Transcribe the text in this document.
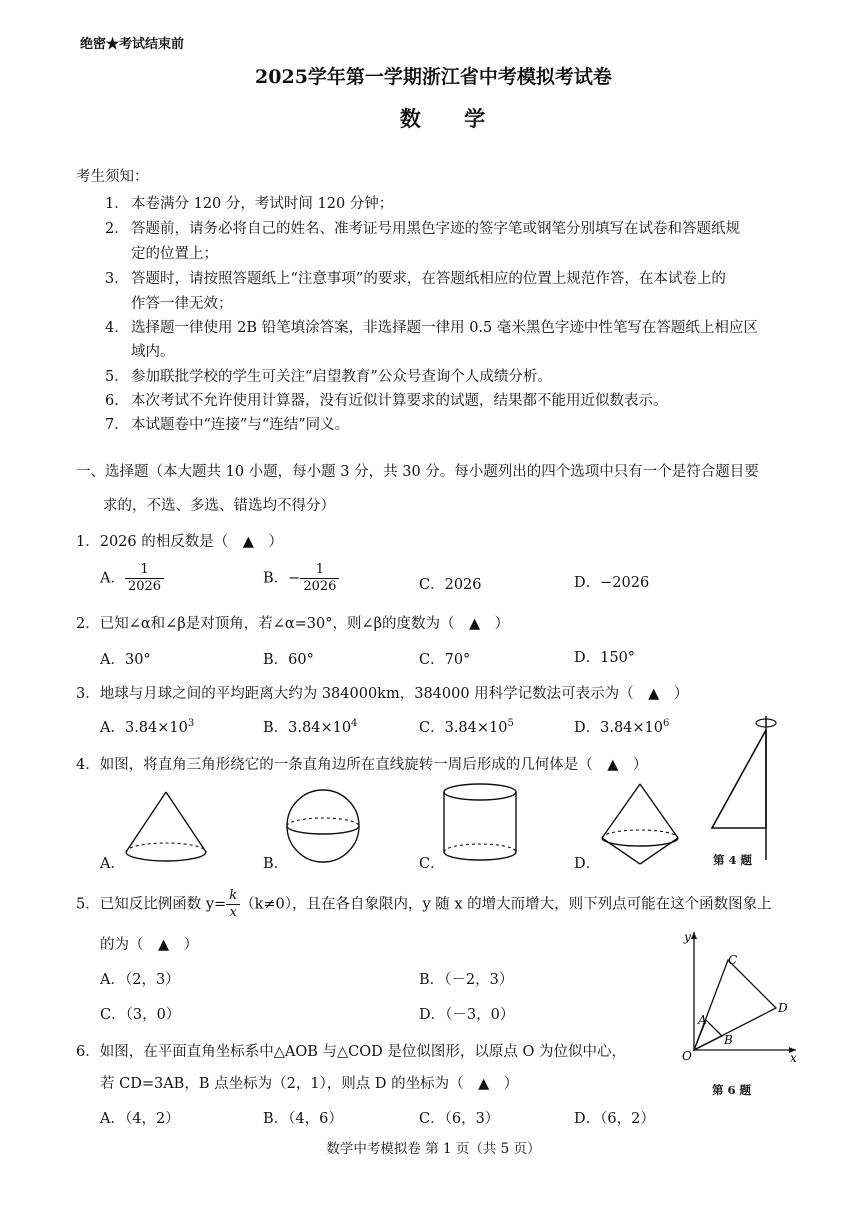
绝密★考试结束前
2025学年第一学期浙江省中考模拟考试卷
数 学
考生须知：
1． 本卷满分 120 分，考试时间 120 分钟；
2． 答题前，请务必将自己的姓名、准考证号用黑色字迹的签字笔或钢笔分别填写在试卷和答题纸规
定的位置上；
3． 答题时，请按照答题纸上“注意事项”的要求，在答题纸相应的位置上规范作答，在本试卷上的
作答一律无效；
4． 选择题一律使用 2B 铅笔填涂答案，非选择题一律用 0.5 毫米黑色字迹中性笔写在答题纸上相应区
域内。
5． 参加联批学校的学生可关注“启望教育”公众号查询个人成绩分析。
6． 本次考试不允许使用计算器，没有近似计算要求的试题，结果都不能用近似数表示。
7． 本试题卷中“连接”与“连结”同义。
一、选择题（本大题共 10 小题，每小题 3 分，共 30 分。每小题列出的四个选项中只有一个是符合题目要
求的，不选、多选、错选均不得分）
1．2026 的相反数是（　▲　）
A． $\frac{1}{2026}$	B．− $\frac{1}{2026}$	C．2026	D．−2026
2．已知∠α和∠β是对顶角，若∠α=30°，则∠β的度数为（　▲　）
A．30°	B．60°	C．70°	D．150°
3．地球与月球之间的平均距离大约为 384000km，384000 用科学记数法可表示为（　▲　）
A．$3.84\times 10^3$	B．$3.84\times 10^4$	C．$3.84\times 10^5$	D．$3.84\times 10^6$
4．如图，将直角三角形绕它的一条直角边所在直线旋转一周后形成的几何体是（　▲　）
第 4 题
A．	B．	C．	D．
5．已知反比例函数 $y= \frac{k}{x} (k\ne 0)$，且在各自象限内，y 随 x 的增大而增大，则下列点可能在这个函数图象上
的为（　▲　）
A．（2，3）	B．（－2，3）
C．（3，0）	D．（－3，0）
6．如图，在平面直角坐标系中△AOB 与△COD 是位似图形，以原点 O 为位似中心，
若 CD=3AB，B 点坐标为（2，1），则点 D 的坐标为（　▲　）
A．（4，2）	B．（4，6）	C．（6，3）	D．（6，2）
y
x
O
A
B
C
D
第 6 题
数学中考模拟卷 第 1 页（共 5 页）
